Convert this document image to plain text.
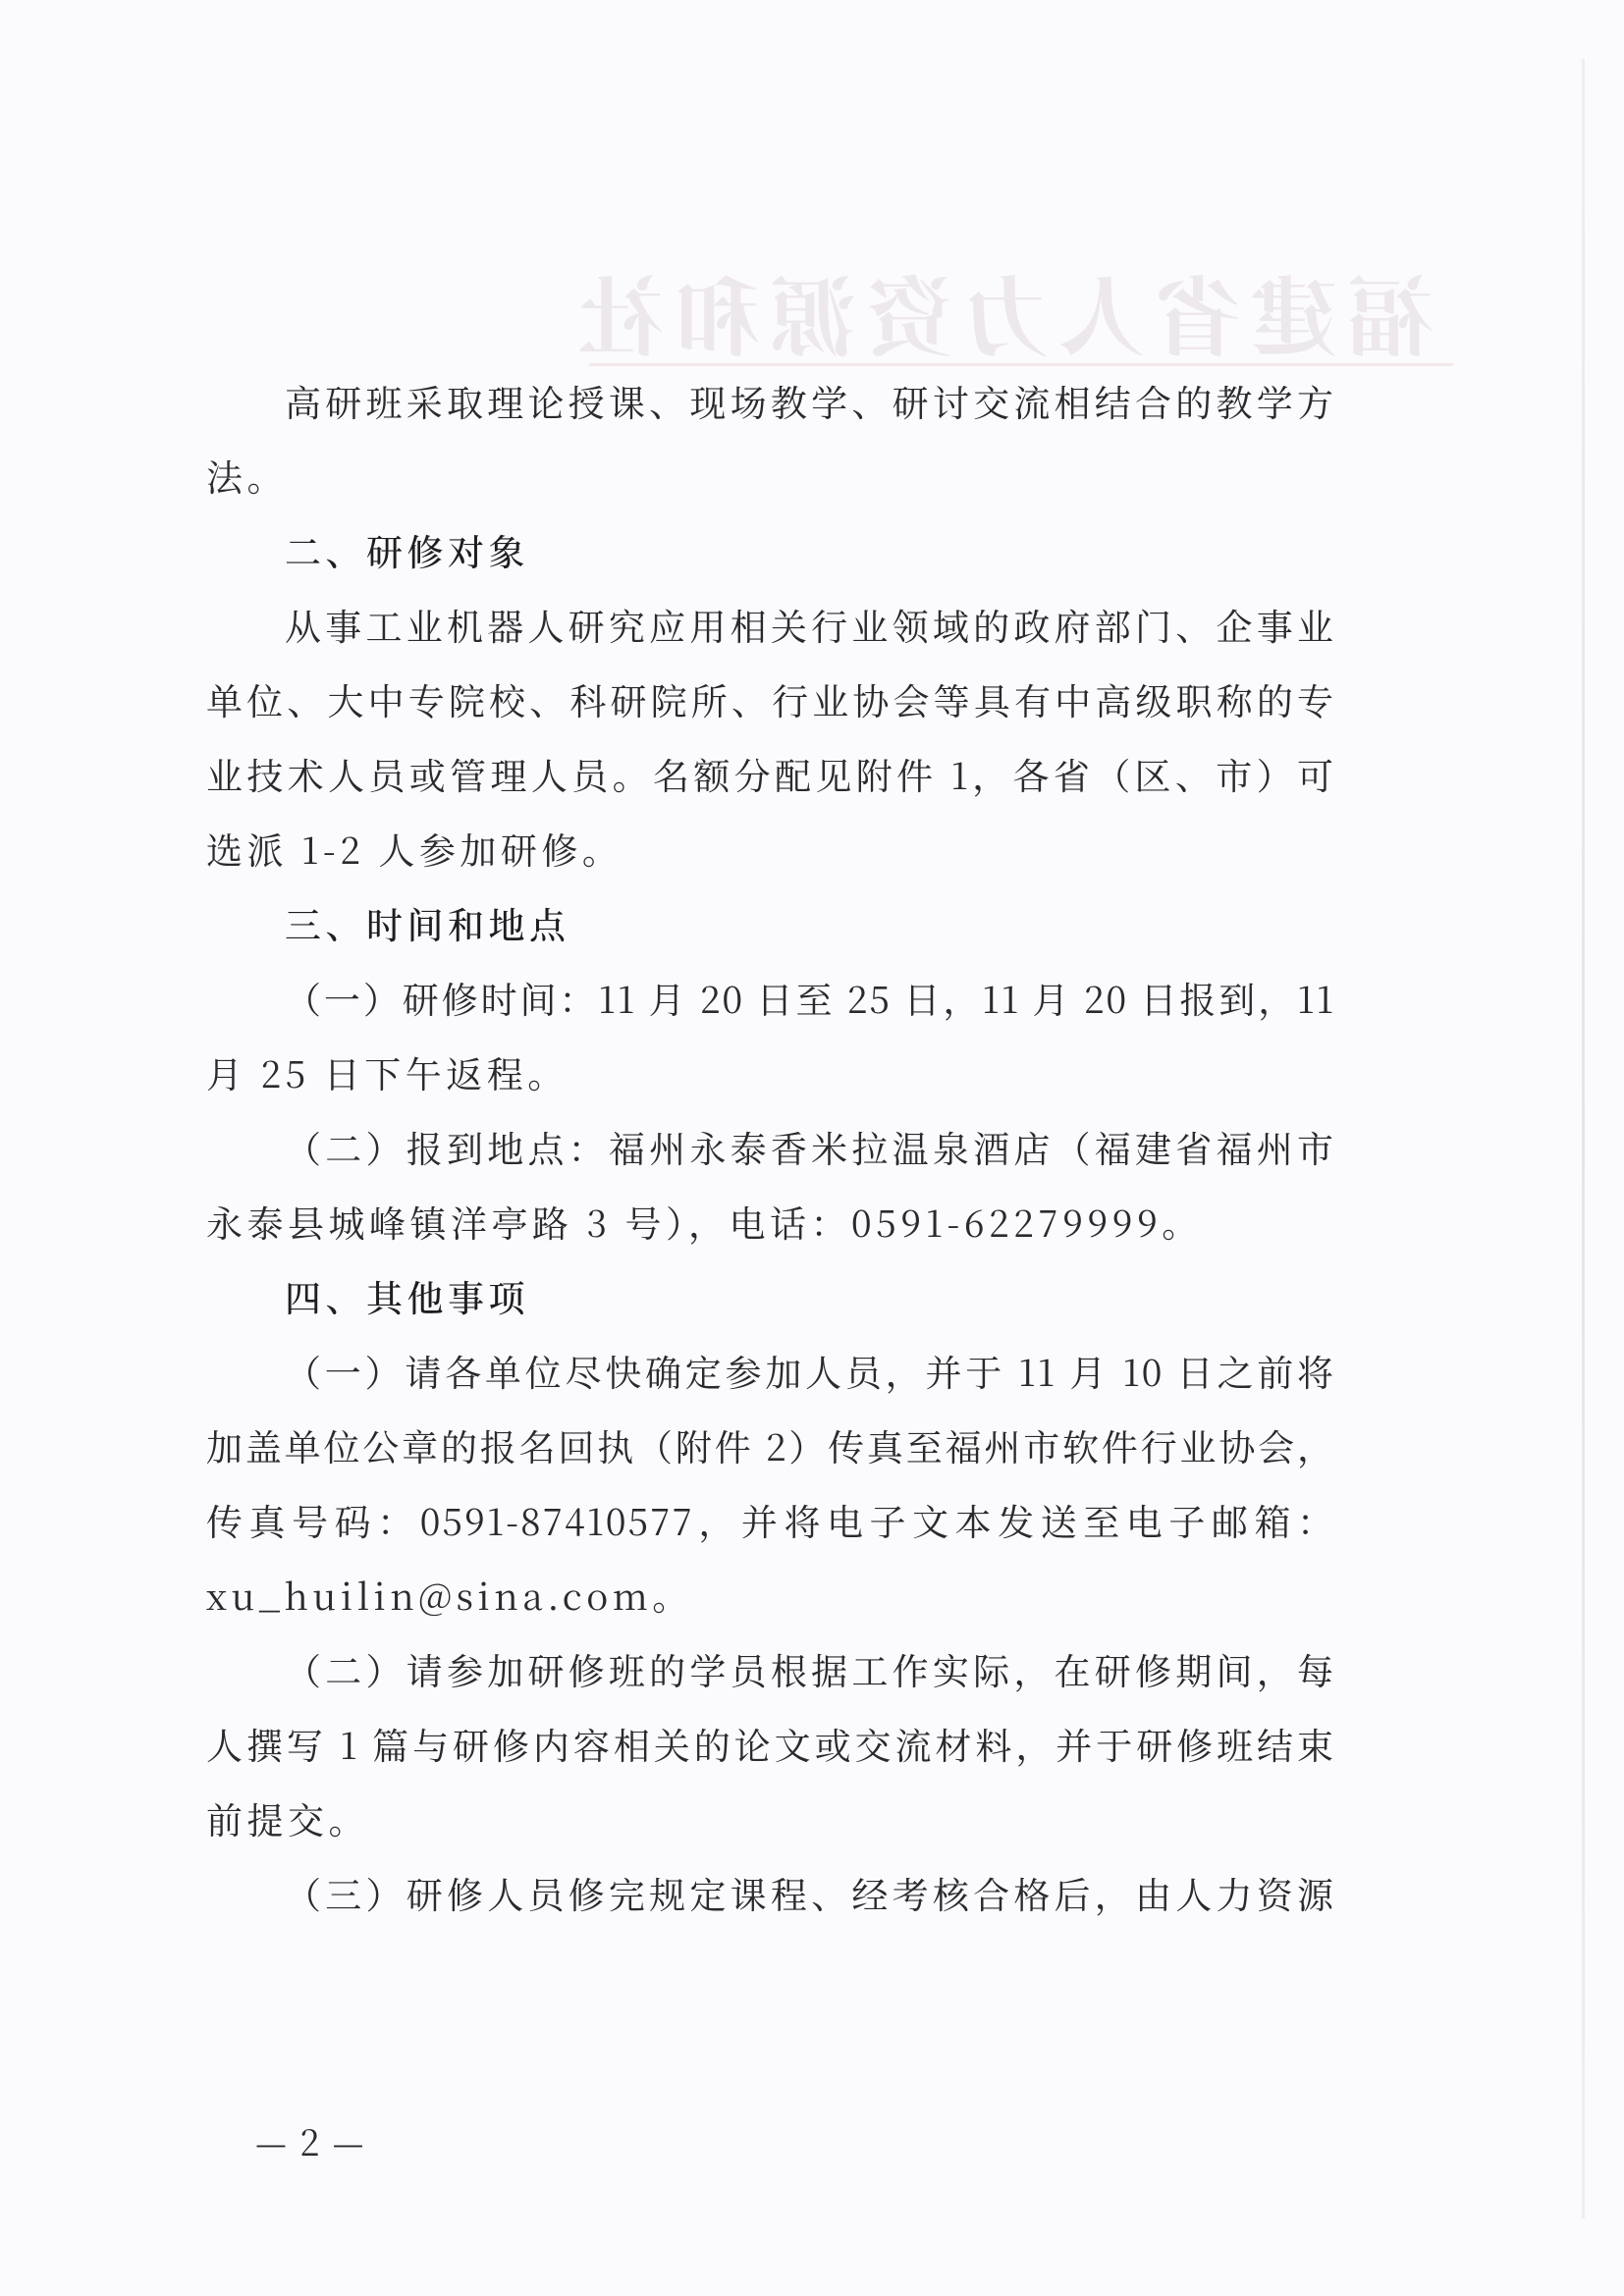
福建省人力资源和社
高研班采取理论授课、现场教学、研讨交流相结合的教学方
法。
二、研修对象
从事工业机器人研究应用相关行业领域的政府部门、企事业
单位、大中专院校、科研院所、行业协会等具有中高级职称的专
业技术人员或管理人员。名额分配见附件 1，各省（区、市）可
选派 1-2 人参加研修。
三、时间和地点
（一）研修时间：11 月 20 日至 25 日，11 月 20 日报到，11
月 25 日下午返程。
（二）报到地点：福州永泰香米拉温泉酒店（福建省福州市
永泰县城峰镇洋亭路 3 号），电话：0591-62279999。
四、其他事项
（一）请各单位尽快确定参加人员，并于 11 月 10 日之前将
加盖单位公章的报名回执（附件 2）传真至福州市软件行业协会，
传真号码：0591-87410577，并将电子文本发送至电子邮箱：
xu_huilin@sina.com。
（二）请参加研修班的学员根据工作实际，在研修期间，每
人撰写 1 篇与研修内容相关的论文或交流材料，并于研修班结束
前提交。
（三）研修人员修完规定课程、经考核合格后，由人力资源
— 2 —
